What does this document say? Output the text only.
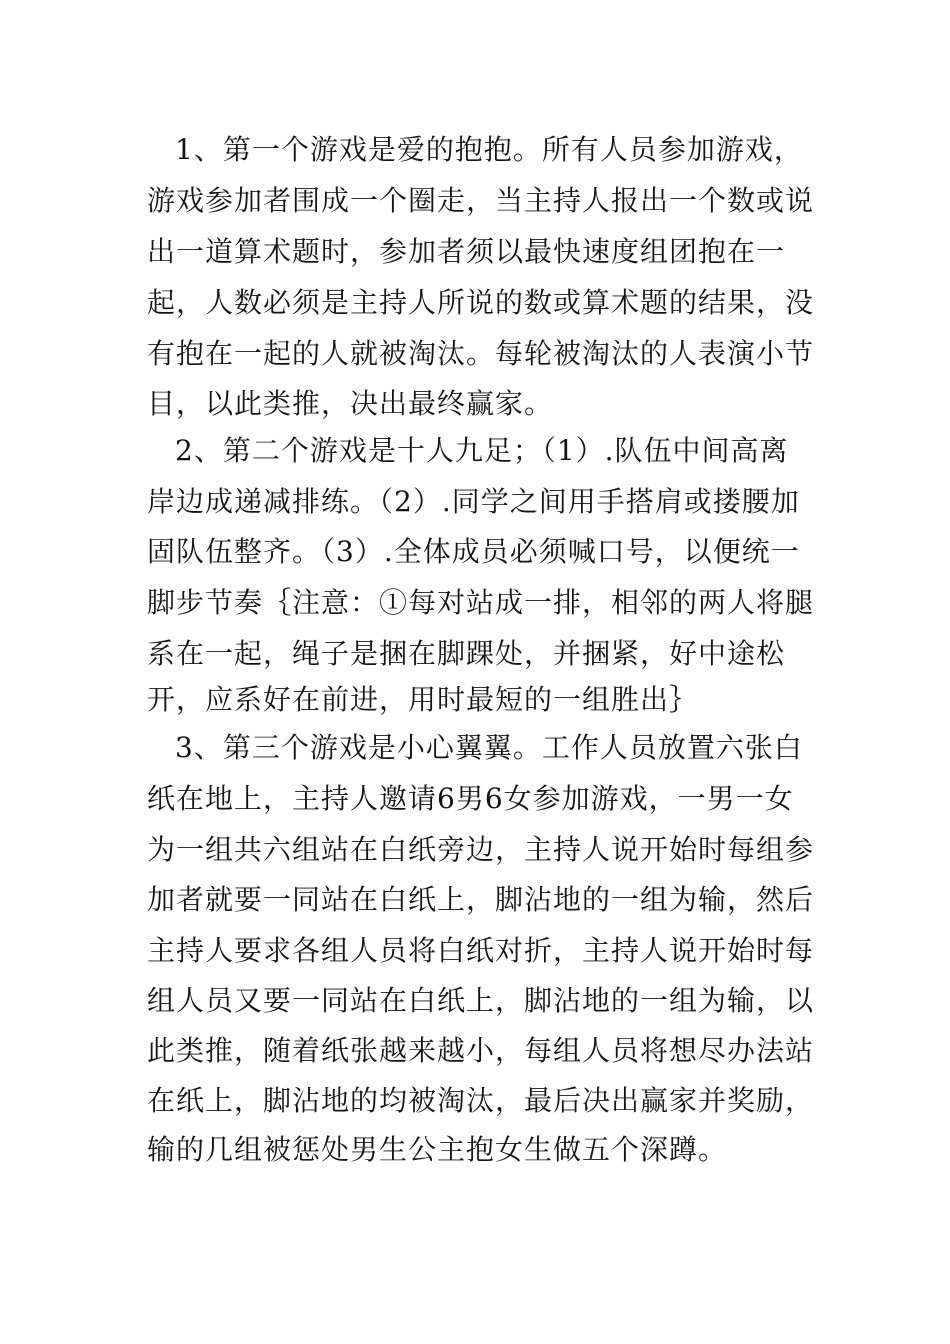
1、第一个游戏是爱的抱抱。所有人员参加游戏，

游戏参加者围成一个圈走，当主持人报出一个数或说

出一道算术题时，参加者须以最快速度组团抱在一

起，人数必须是主持人所说的数或算术题的结果，没

有抱在一起的人就被淘汰。每轮被淘汰的人表演小节

目，以此类推，决出最终赢家。

2、第二个游戏是十人九足；（1）.队伍中间高离

岸边成递减排练。（2）.同学之间用手搭肩或搂腰加

固队伍整齐。（3）.全体成员必须喊口号，以便统一

脚步节奏｛注意：①每对站成一排，相邻的两人将腿

系在一起，绳子是捆在脚踝处，并捆紧，好中途松

开，应系好在前进，用时最短的一组胜出｝

3、第三个游戏是小心翼翼。工作人员放置六张白

纸在地上，主持人邀请6男6女参加游戏，一男一女

为一组共六组站在白纸旁边，主持人说开始时每组参

加者就要一同站在白纸上，脚沾地的一组为输，然后

主持人要求各组人员将白纸对折，主持人说开始时每

组人员又要一同站在白纸上，脚沾地的一组为输，以

此类推，随着纸张越来越小，每组人员将想尽办法站

在纸上，脚沾地的均被淘汰，最后决出赢家并奖励，

输的几组被惩处男生公主抱女生做五个深蹲。
